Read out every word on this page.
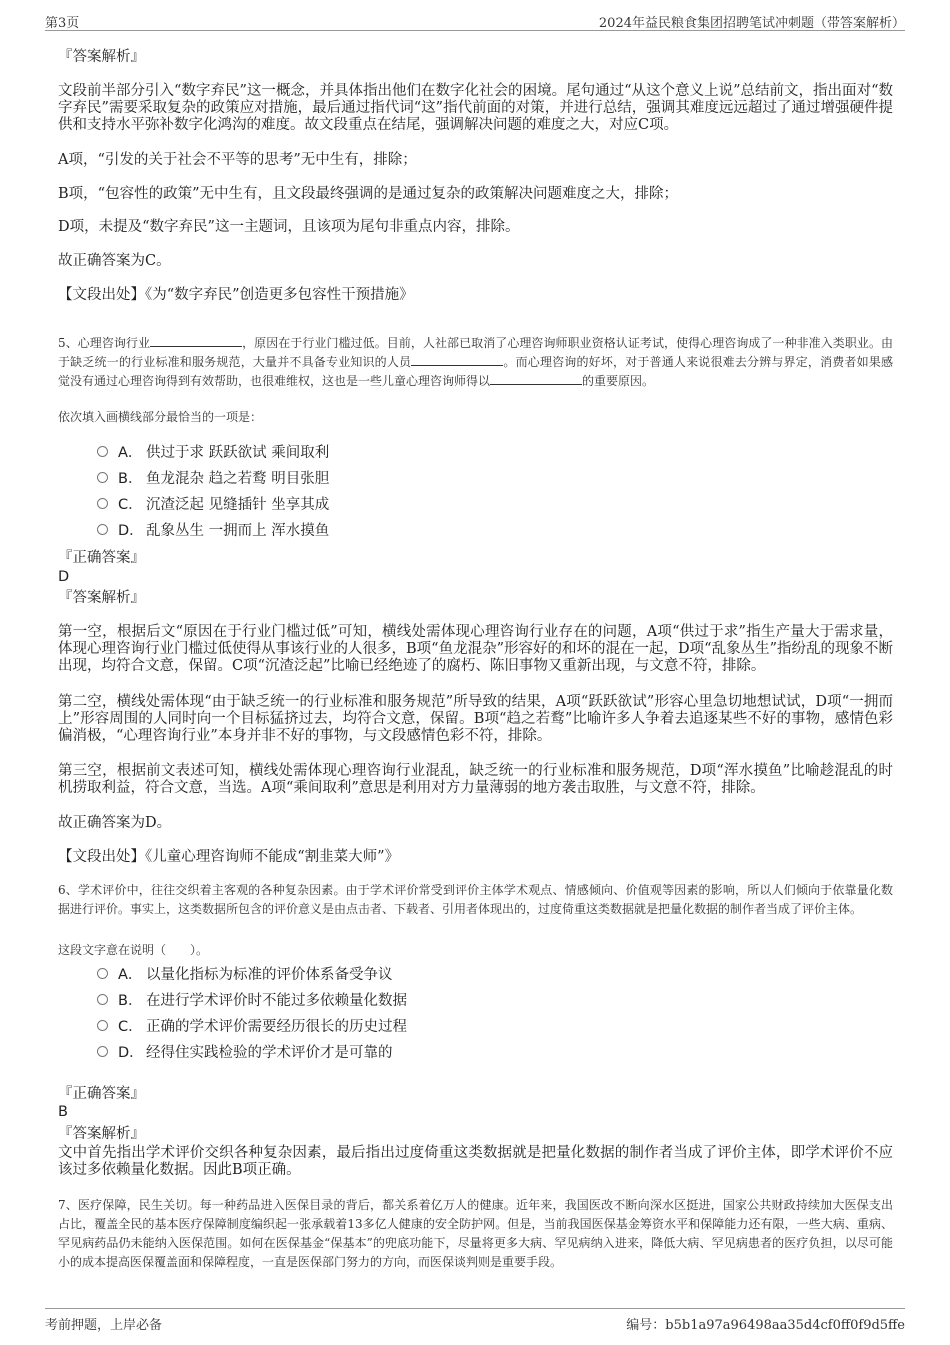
第3页	2024年益民粮食集团招聘笔试冲刺题（带答案解析）
『答案解析』
文段前半部分引入“数字弃民”这一概念，并具体指出他们在数字化社会的困境。尾句通过“从这个意义上说”总结前文，指出面对“数字弃民”需要采取复杂的政策应对措施，最后通过指代词“这”指代前面的对策，并进行总结，强调其难度远远超过了通过增强硬件提供和支持水平弥补数字化鸿沟的难度。故文段重点在结尾，强调解决问题的难度之大，对应C项。
A项，“引发的关于社会不平等的思考”无中生有，排除；
B项，“包容性的政策”无中生有，且文段最终强调的是通过复杂的政策解决问题难度之大，排除；
D项，未提及“数字弃民”这一主题词，且该项为尾句非重点内容，排除。
故正确答案为C。
【文段出处】《为“数字弃民”创造更多包容性干预措施》
5、心理咨询行业	，原因在于行业门槛过低。目前，人社部已取消了心理咨询师职业资格认证考试，使得心理咨询成了一种非准入类职业。由于缺乏统一的行业标准和服务规范，大量并不具备专业知识的人员	。而心理咨询的好坏，对于普通人来说很难去分辨与界定，消费者如果感觉没有通过心理咨询得到有效帮助，也很难维权，这也是一些儿童心理咨询师得以	的重要原因。
依次填入画横线部分最恰当的一项是：
A． 供过于求 跃跃欲试 乘间取利
B． 鱼龙混杂 趋之若鹜 明目张胆
C． 沉渣泛起 见缝插针 坐享其成
D． 乱象丛生 一拥而上 浑水摸鱼
『正确答案』
D
『答案解析』
第一空，根据后文“原因在于行业门槛过低”可知，横线处需体现心理咨询行业存在的问题，A项“供过于求”指生产量大于需求量，体现心理咨询行业门槛过低使得从事该行业的人很多，B项“鱼龙混杂”形容好的和坏的混在一起，D项“乱象丛生”指纷乱的现象不断出现，均符合文意，保留。C项“沉渣泛起”比喻已经绝迹了的腐朽、陈旧事物又重新出现，与文意不符，排除。
第二空，横线处需体现“由于缺乏统一的行业标准和服务规范”所导致的结果，A项“跃跃欲试”形容心里急切地想试试，D项“一拥而上”形容周围的人同时向一个目标猛挤过去，均符合文意，保留。B项“趋之若鹜”比喻许多人争着去追逐某些不好的事物，感情色彩偏消极，“心理咨询行业”本身并非不好的事物，与文段感情色彩不符，排除。
第三空，根据前文表述可知，横线处需体现心理咨询行业混乱，缺乏统一的行业标准和服务规范，D项“浑水摸鱼”比喻趁混乱的时机捞取利益，符合文意，当选。A项“乘间取利”意思是利用对方力量薄弱的地方袭击取胜，与文意不符，排除。
故正确答案为D。
【文段出处】《儿童心理咨询师不能成“割韭菜大师”》
6、学术评价中，往往交织着主客观的各种复杂因素。由于学术评价常受到评价主体学术观点、情感倾向、价值观等因素的影响，所以人们倾向于依靠量化数据进行评价。事实上，这类数据所包含的评价意义是由点击者、下载者、引用者体现出的，过度倚重这类数据就是把量化数据的制作者当成了评价主体。
这段文字意在说明（　　）。
A． 以量化指标为标准的评价体系备受争议
B． 在进行学术评价时不能过多依赖量化数据
C． 正确的学术评价需要经历很长的历史过程
D． 经得住实践检验的学术评价才是可靠的
『正确答案』
B
『答案解析』
文中首先指出学术评价交织各种复杂因素，最后指出过度倚重这类数据就是把量化数据的制作者当成了评价主体，即学术评价不应该过多依赖量化数据。因此B项正确。
7、医疗保障，民生关切。每一种药品进入医保目录的背后，都关系着亿万人的健康。近年来，我国医改不断向深水区挺进，国家公共财政持续加大医保支出占比，覆盖全民的基本医疗保障制度编织起一张承载着13多亿人健康的安全防护网。但是，当前我国医保基金筹资水平和保障能力还有限，一些大病、重病、罕见病药品仍未能纳入医保范围。如何在医保基金“保基本”的兜底功能下，尽量将更多大病、罕见病纳入进来，降低大病、罕见病患者的医疗负担，以尽可能小的成本提高医保覆盖面和保障程度，一直是医保部门努力的方向，而医保谈判则是重要手段。
考前押题，上岸必备	编号：b5b1a97a96498aa35d4cf0ff0f9d5ffe
